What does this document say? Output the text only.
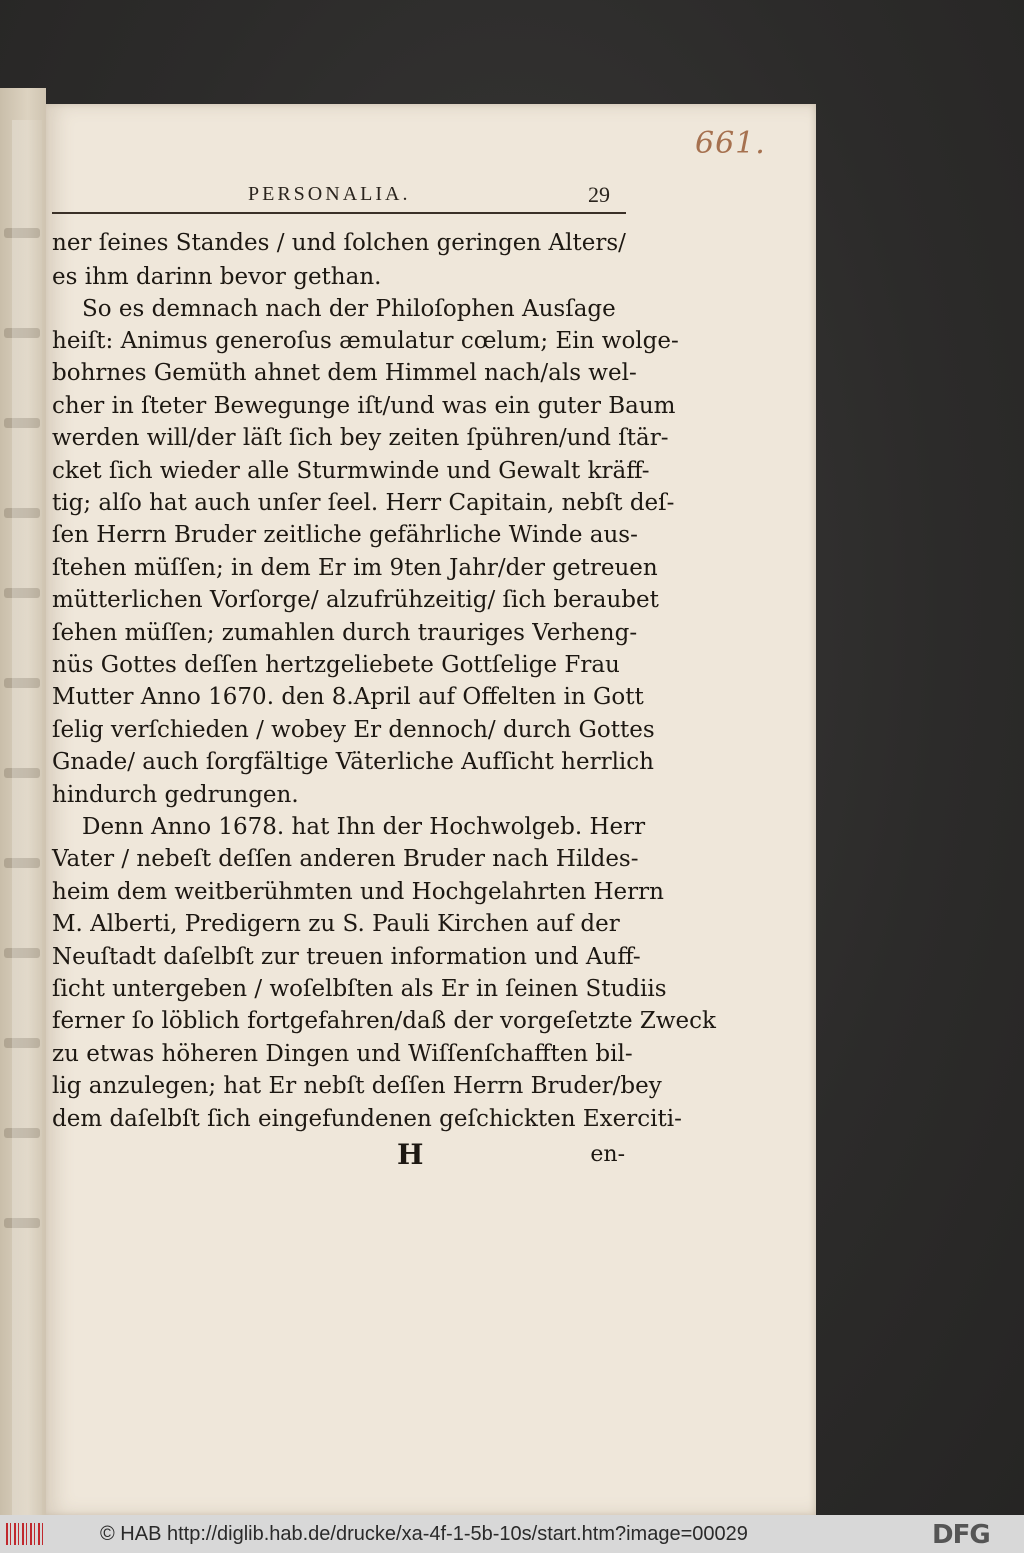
661.
PERSONALIA.	29
ner ſeines Standes / und ſolchen geringen Alters/
es ihm darinn bevor gethan.
So es demnach nach der Philoſophen Ausſage
heiſt: Animus generoſus æmulatur cœlum; Ein wolge-
bohrnes Gemüth ahnet dem Himmel nach/als wel-
cher in ſteter Bewegunge iſt/und was ein guter Baum
werden will/der läſt ſich bey zeiten ſpühren/und ſtär-
cket ſich wieder alle Sturmwinde und Gewalt kräff-
tig; alſo hat auch unſer ſeel. Herr Capitain, nebſt deſ-
ſen Herrn Bruder zeitliche gefährliche Winde aus-
ſtehen müſſen; in dem Er im 9ten Jahr/der getreuen
mütterlichen Vorſorge/ alzufrühzeitig/ ſich beraubet
ſehen müſſen; zumahlen durch trauriges Verheng-
nüs Gottes deſſen hertzgeliebete Gottſelige Frau
Mutter Anno 1670. den 8.April auf Offelten in Gott
ſelig verſchieden / wobey Er dennoch/ durch Gottes
Gnade/ auch ſorgfältige Väterliche Aufſicht herrlich
hindurch gedrungen.
Denn Anno 1678. hat Ihn der Hochwolgeb. Herr
Vater / nebeſt deſſen anderen Bruder nach Hildes-
heim dem weitberühmten und Hochgelahrten Herrn
M. Alberti, Predigern zu S. Pauli Kirchen auf der
Neuſtadt daſelbſt zur treuen information und Auff-
ſicht untergeben / woſelbſten als Er in ſeinen Studiis
ferner ſo löblich fortgefahren/daß der vorgeſetzte Zweck
zu etwas höheren Dingen und Wiſſenſchafften bil-
lig anzulegen; hat Er nebſt deſſen Herrn Bruder/bey
dem daſelbſt ſich eingefundenen geſchickten Exerciti-
H	en-
© HAB http://diglib.hab.de/drucke/xa-4f-1-5b-10s/start.htm?image=00029	DFG
